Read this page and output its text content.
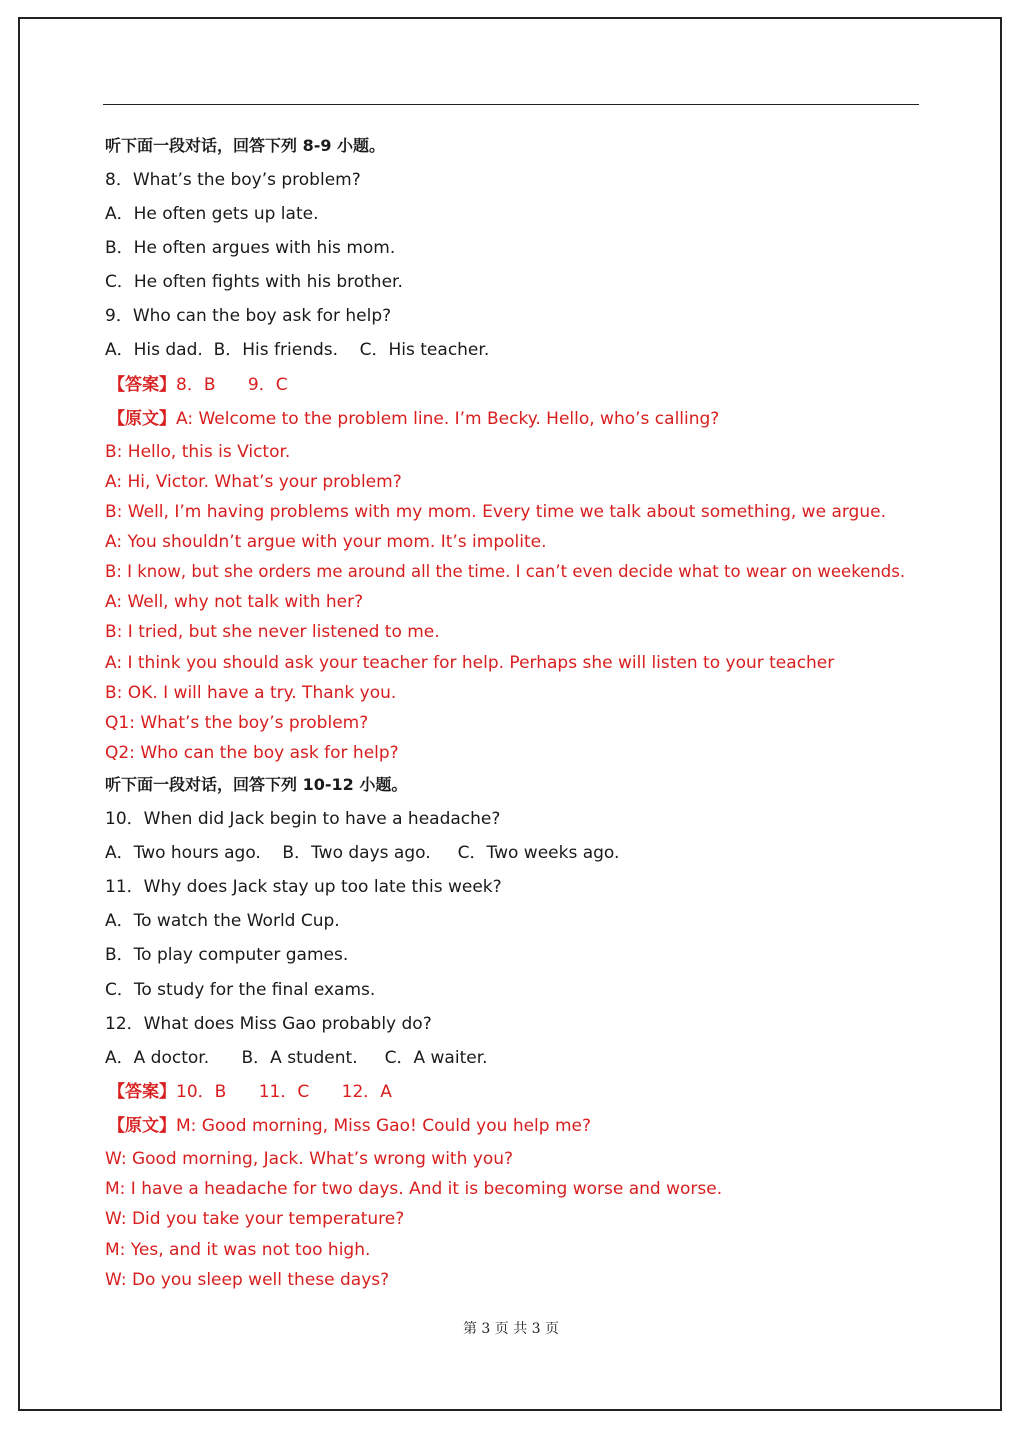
听下面一段对话，回答下列 8-9 小题。
8．What’s the boy’s problem?
A．He often gets up late.
B．He often argues with his mom.
C．He often fights with his brother.
9．Who can the boy ask for help?
A．His dad.  B．His friends.    C．His teacher.
【答案】8．B      9．C
【原文】A: Welcome to the problem line. I’m Becky. Hello, who’s calling?
B: Hello, this is Victor.
A: Hi, Victor. What’s your problem?
B: Well, I’m having problems with my mom. Every time we talk about something, we argue.
A: You shouldn’t argue with your mom. It’s impolite.
B: I know, but she orders me around all the time. I can’t even decide what to wear on weekends.
A: Well, why not talk with her?
B: I tried, but she never listened to me.
A: I think you should ask your teacher for help. Perhaps she will listen to your teacher
B: OK. I will have a try. Thank you.
Q1: What’s the boy’s problem?
Q2: Who can the boy ask for help?
听下面一段对话，回答下列 10-12 小题。
10．When did Jack begin to have a headache?
A．Two hours ago.    B．Two days ago.     C．Two weeks ago.
11．Why does Jack stay up too late this week?
A．To watch the World Cup.
B．To play computer games.
C．To study for the final exams.
12．What does Miss Gao probably do?
A．A doctor.      B．A student.     C．A waiter.
【答案】10．B      11．C      12．A
【原文】M: Good morning, Miss Gao! Could you help me?
W: Good morning, Jack. What’s wrong with you?
M: I have a headache for two days. And it is becoming worse and worse.
W: Did you take your temperature?
M: Yes, and it was not too high.
W: Do you sleep well these days?
第 3 页 共 3 页
